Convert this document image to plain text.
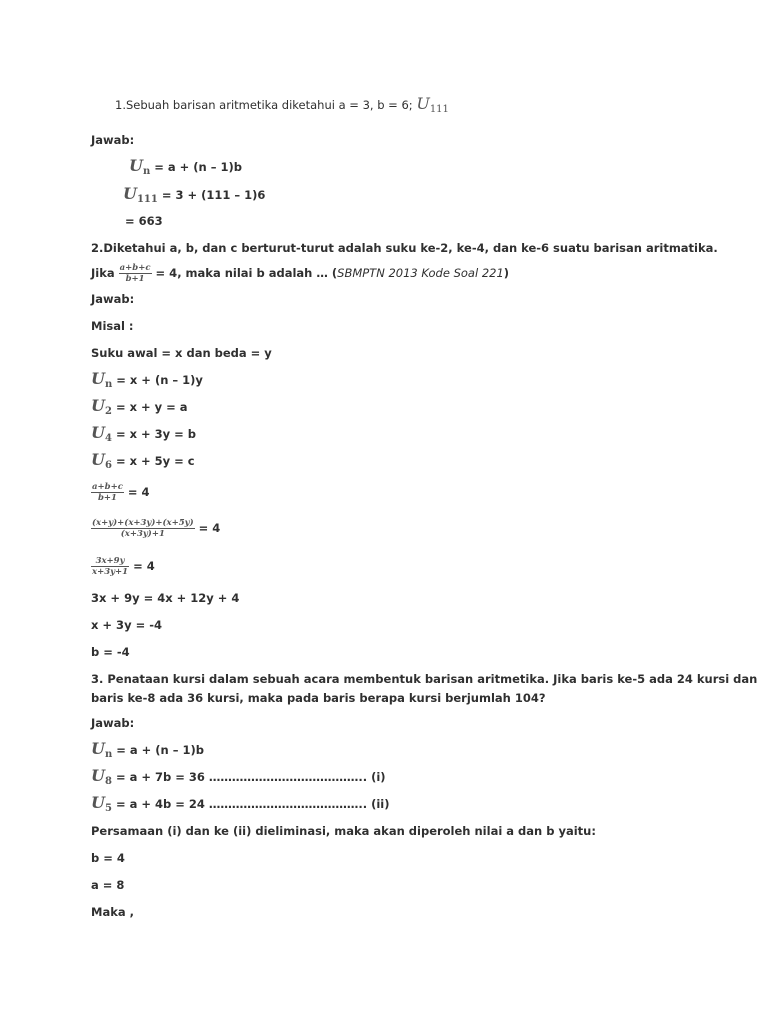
1.Sebuah barisan aritmetika diketahui a = 3, b = 6; $U_{111}$
Jawab:
$U_n = a + (n - 1)b$
$U_{111} = 3 + (111 - 1)6$
= 663
2.Diketahui a, b, dan c berturut-turut adalah suku ke-2, ke-4, dan ke-6 suatu barisan aritmatika.
Jika $\frac{a+b+c}{b+1} = 4$, maka nilai b adalah … (SBMPTN 2013 Kode Soal 221)
Jawab:
Misal :
Suku awal = x dan beda = y
$U_n = x + (n - 1)y$
$U_2 = x + y = a$
$U_4 = x + 3y = b$
$U_6 = x + 5y = c$
$\frac{a+b+c}{b+1} = 4$
$\frac{(x+y)+(x+3y)+(x+5y)}{(x+3y)+1} = 4$
$\frac{3x+9y}{x+3y+1} = 4$
3x + 9y = 4x + 12y + 4
x + 3y = -4
b = -4
3. Penataan kursi dalam sebuah acara membentuk barisan aritmetika. Jika baris ke-5 ada 24 kursi dan
baris ke-8 ada 36 kursi, maka pada baris berapa kursi berjumlah 104?
Jawab:
$U_n = a + (n - 1)b$
$U_8 = a + 7b = 36$ ………………………………….. (i)
$U_5 = a + 4b = 24$ ………………………………….. (ii)
Persamaan (i) dan ke (ii) dieliminasi, maka akan diperoleh nilai a dan b yaitu:
b = 4
a = 8
Maka ,
